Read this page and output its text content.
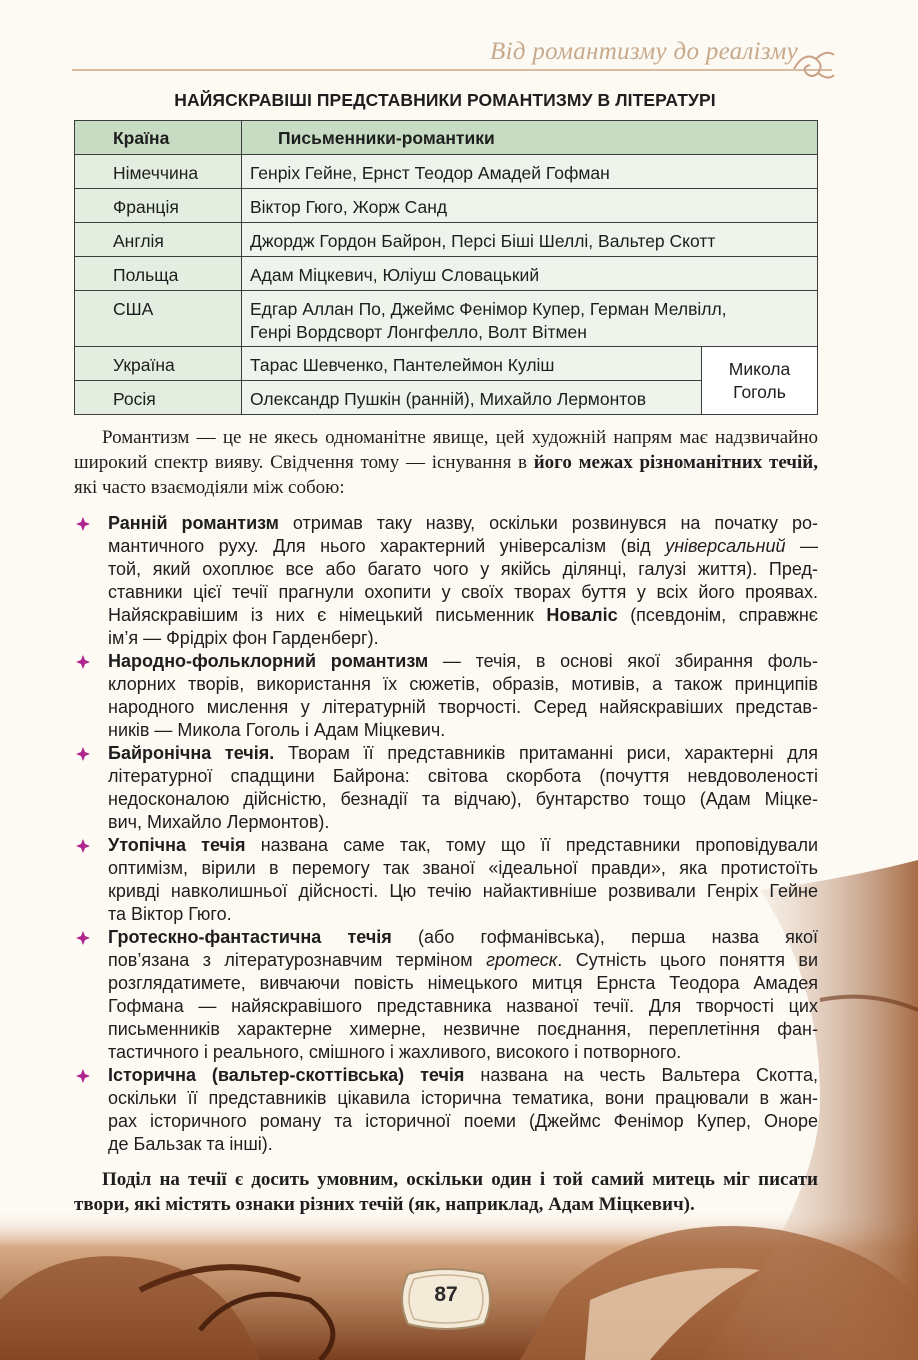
Від романтизму до реалізму
НАЙЯСКРАВІШІ ПРЕДСТАВНИКИ РОМАНТИЗМУ В ЛІТЕРАТУРІ
Країна	Письменники-романтики	
Німеччина	Генріх Гейне, Ернст Теодор Амадей Гофман	
Франція	Віктор Гюго, Жорж Санд	
Англія	Джордж Гордон Байрон, Персі Біші Шеллі, Вальтер Скотт	
Польща	Адам Міцкевич, Юліуш Словацький	
США	Едгар Аллан По, Джеймс Фенімор Купер, Герман Мелвілл,
Генрі Вордсворт Лонгфелло, Волт Вітмен	
Україна	Тарас Шевченко, Пантелеймон Куліш	Микола
Гоголь
Росія	Олександр Пушкін (ранній), Михайло Лермонтов	

Романтизм — це не якесь одноманітне явище, цей художній напрям має надзвичайно широкий спектр вияву. Свідчення тому — існування в його межах різноманітних течій, які часто взаємодіяли між собою:

Ранній романтизм отримав таку назву, оскільки розвинувся на початку ро-
мантичного руху. Для нього характерний універсалізм (від універсальний —
той, який охоплює все або багато чого у якійсь ділянці, галузі життя). Пред-
ставники цієї течії прагнули охопити у своїх творах буття у всіх його проявах.
Найяскравішим із них є німецький письменник Новаліс (псевдонім, справжнє
ім’я — Фрідріх фон Гарденберг).
Народно-фольклорний романтизм — течія, в основі якої збирання фоль-
клорних творів, використання їх сюжетів, образів, мотивів, а також принципів
народного мислення у літературній творчості. Серед найяскравіших представ-
ників — Микола Гоголь і Адам Міцкевич.
Байронічна течія. Творам її представників притаманні риси, характерні для
літературної спадщини Байрона: світова скорбота (почуття невдоволеності
недосконалою дійсністю, безнадії та відчаю), бунтарство тощо (Адам Міцке-
вич, Михайло Лермонтов).
Утопічна течія названа саме так, тому що її представники проповідували
оптимізм, вірили в перемогу так званої «ідеальної правди», яка протистоїть
кривді навколишньої дійсності. Цю течію найактивніше розвивали Генріх Гейне
та Віктор Гюго.
Гротескно-фантастична течія (або гофманівська), перша назва якої
пов’язана з літературознавчим терміном гротеск. Сутність цього поняття ви
розглядатимете, вивчаючи повість німецького митця Ернста Теодора Амадея
Гофмана — найяскравішого представника названої течії. Для творчості цих
письменників характерне химерне, незвичне поєднання, переплетіння фан-
тастичного і реального, смішного і жахливого, високого і потворного.
Історична (вальтер-скоттівська) течія названа на честь Вальтера Скотта,
оскільки її представників цікавила історична тематика, вони працювали в жан-
рах історичного роману та історичної поеми (Джеймс Фенімор Купер, Оноре
де Бальзак та інші).

Поділ на течії є досить умовним, оскільки один і той самий митець міг писати твори, які містять ознаки різних течій (як, наприклад, Адам Міцкевич).

87
